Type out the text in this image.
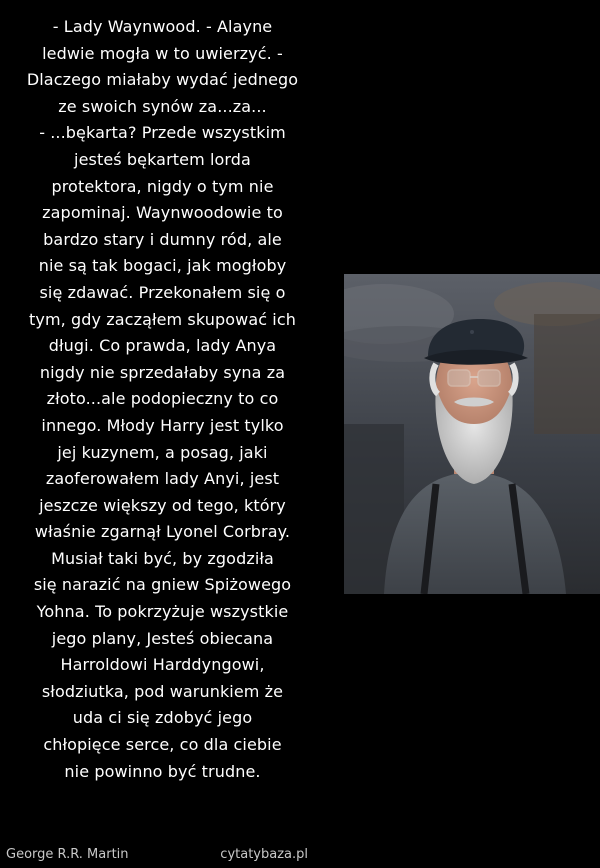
- Lady Waynwood. - Alayne
ledwie mogła w to uwierzyć. -
Dlaczego miałaby wydać jednego
ze swoich synów za...za...
- ...bękarta? Przede wszystkim
jesteś bękartem lorda
protektora, nigdy o tym nie
zapominaj. Waynwoodowie to
bardzo stary i dumny ród, ale
nie są tak bogaci, jak mogłoby
się zdawać. Przekonałem się o
tym, gdy zacząłem skupować ich
długi. Co prawda, lady Anya
nigdy nie sprzedałaby syna za
złoto...ale podopieczny to co
innego. Młody Harry jest tylko
jej kuzynem, a posag, jaki
zaoferowałem lady Anyi, jest
jeszcze większy od tego, który
właśnie zgarnął Lyonel Corbray.
Musiał taki być, by zgodziła
się narazić na gniew Spiżowego
Yohna. To pokrzyżuje wszystkie
jego plany, Jesteś obiecana
Harroldowi Harddyngowi,
słodziutka, pod warunkiem że
uda ci się zdobyć jego
chłopięce serce, co dla ciebie
nie powinno być trudne.
George R.R. Martin	cytatybaza.pl
